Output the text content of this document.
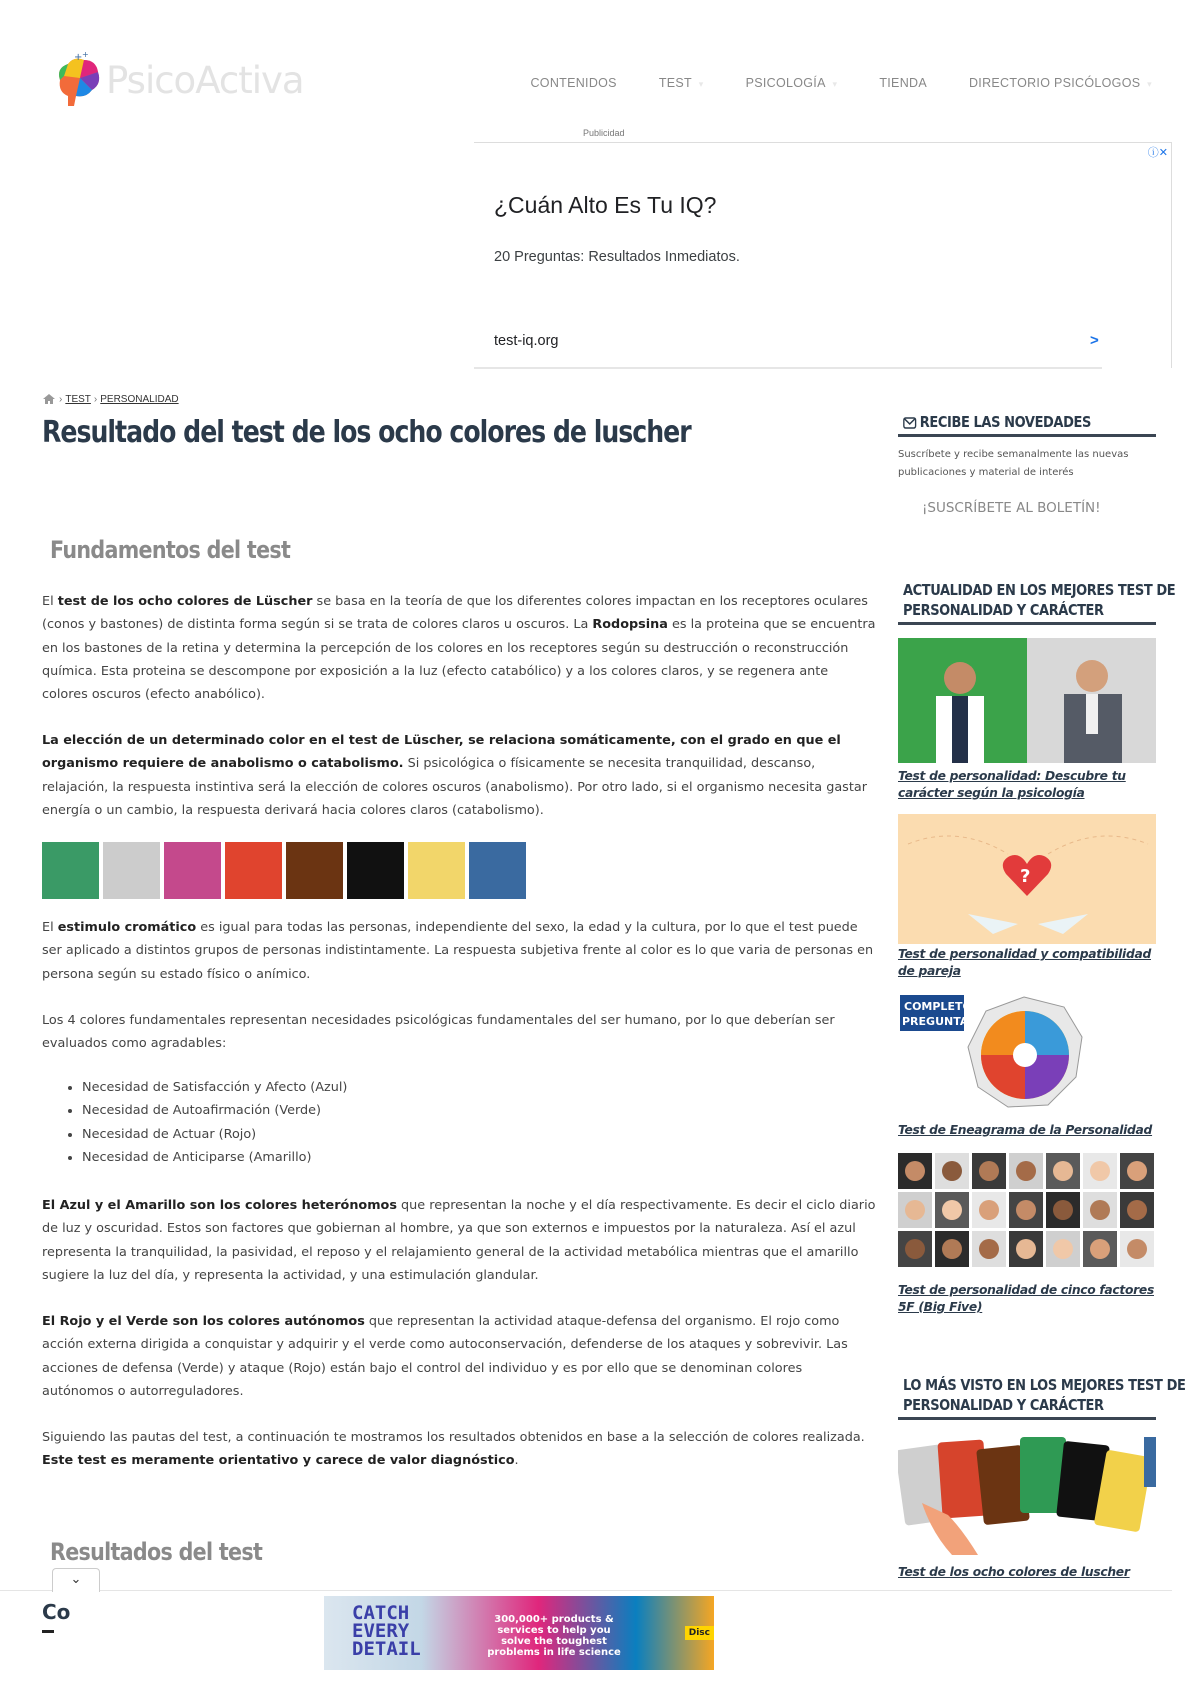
+ +
PsicoActiva	CONTENIDOS	TEST ▾	PSICOLOGÍA ▾	TIENDA	DIRECTORIO PSICÓLOGOS ▾
Publicidad
ⓘ✕
¿Cuán Alto Es Tu IQ?
20 Preguntas: Resultados Inmediatos.
test-iq.org	>
› TEST › PERSONALIDAD
Resultado del test de los ocho colores de luscher
Fundamentos del test

El test de los ocho colores de Lüscher se basa en la teoría de que los diferentes colores impactan en los receptores oculares (conos y bastones) de distinta forma según si se trata de colores claros u oscuros. La Rodopsina es la proteina que se encuentra en los bastones de la retina y determina la percepción de los colores en los receptores según su destrucción o reconstrucción química. Esta proteina se descompone por exposición a la luz (efecto catabólico) y a los colores claros, y se regenera ante colores oscuros (efecto anabólico).

La elección de un determinado color en el test de Lüscher, se relaciona somáticamente, con el grado en que el organismo requiere de anabolismo o catabolismo. Si psicológica o físicamente se necesita tranquilidad, descanso, relajación, la respuesta instintiva será la elección de colores oscuros (anabolismo). Por otro lado, si el organismo necesita gastar energía o un cambio, la respuesta derivará hacia colores claros (catabolismo).

El estimulo cromático es igual para todas las personas, independiente del sexo, la edad y la cultura, por lo que el test puede ser aplicado a distintos grupos de personas indistintamente. La respuesta subjetiva frente al color es lo que varia de personas en persona según su estado físico o anímico.

Los 4 colores fundamentales representan necesidades psicológicas fundamentales del ser humano, por lo que deberían ser evaluados como agradables:

• Necesidad de Satisfacción y Afecto (Azul)
• Necesidad de Autoafirmación (Verde)
• Necesidad de Actuar (Rojo)
• Necesidad de Anticiparse (Amarillo)

El Azul y el Amarillo son los colores heterónomos que representan la noche y el día respectivamente. Es decir el ciclo diario de luz y oscuridad. Estos son factores que gobiernan al hombre, ya que son externos e impuestos por la naturaleza. Así el azul representa la tranquilidad, la pasividad, el reposo y el relajamiento general de la actividad metabólica mientras que el amarillo sugiere la luz del día, y representa la actividad, y una estimulación glandular.

El Rojo y el Verde son los colores autónomos que representan la actividad ataque-defensa del organismo. El rojo como acción externa dirigida a conquistar y adquirir y el verde como autoconservación, defenderse de los ataques y sobrevivir. Las acciones de defensa (Verde) y ataque (Rojo) están bajo el control del individuo y es por ello que se denominan colores autónomos o autorreguladores.

Siguiendo las pautas del test, a continuación te mostramos los resultados obtenidos en base a la selección de colores realizada.
Este test es meramente orientativo y carece de valor diagnóstico.

Resultados del test
RECIBE LAS NOVEDADES

Suscríbete y recibe semanalmente las nuevas publicaciones y material de interés

¡SUSCRÍBETE AL BOLETÍN!
ACTUALIDAD EN LOS MEJORES TEST DE
PERSONALIDAD Y CARÁCTER
Test de personalidad: Descubre tu carácter según la psicología
?
Test de personalidad y compatibilidad de pareja
COMPLETO
PREGUNTAS
Test de Eneagrama de la Personalidad
Test de personalidad de cinco factores 5F (Big Five)
LO MÁS VISTO EN LOS MEJORES TEST DE
PERSONALIDAD Y CARÁCTER
Test de los ocho colores de luscher
⌄
Co	CATCH EVERY DETAIL
300,000+ products & services to help you solve the toughest problems in life science
Disc
